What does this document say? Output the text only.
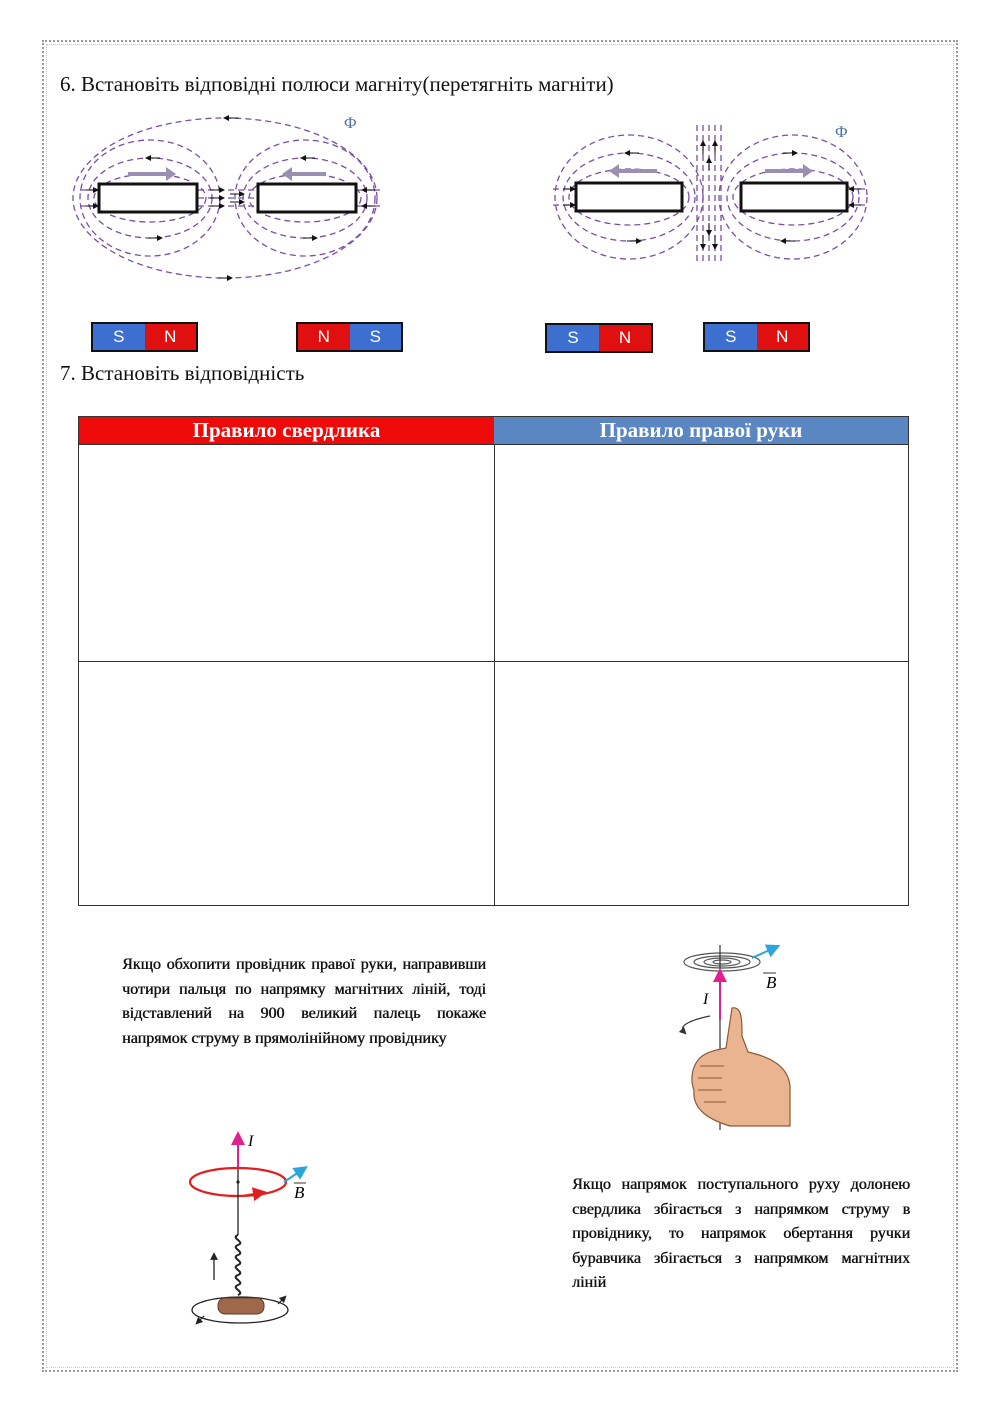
6. Встановіть відповідні полюси магніту(перетягніть магніти)
Ф
Ф
S	N	N	S	S	N	S	N
7. Встановіть відповідність
Правило свердлика	Правило правої руки
Якщо обхопити провідник правої руки, направивши чотири пальця по напрямку магнітних ліній, тоді відставлений на 900 великий палець покаже напрямок струму в прямолінійному провіднику
B
I
I
B	Якщо напрямок поступального руху долонею свердлика збігається з напрямком струму в провіднику, то напрямок обертання ручки буравчика збігається з напрямком магнітних ліній
